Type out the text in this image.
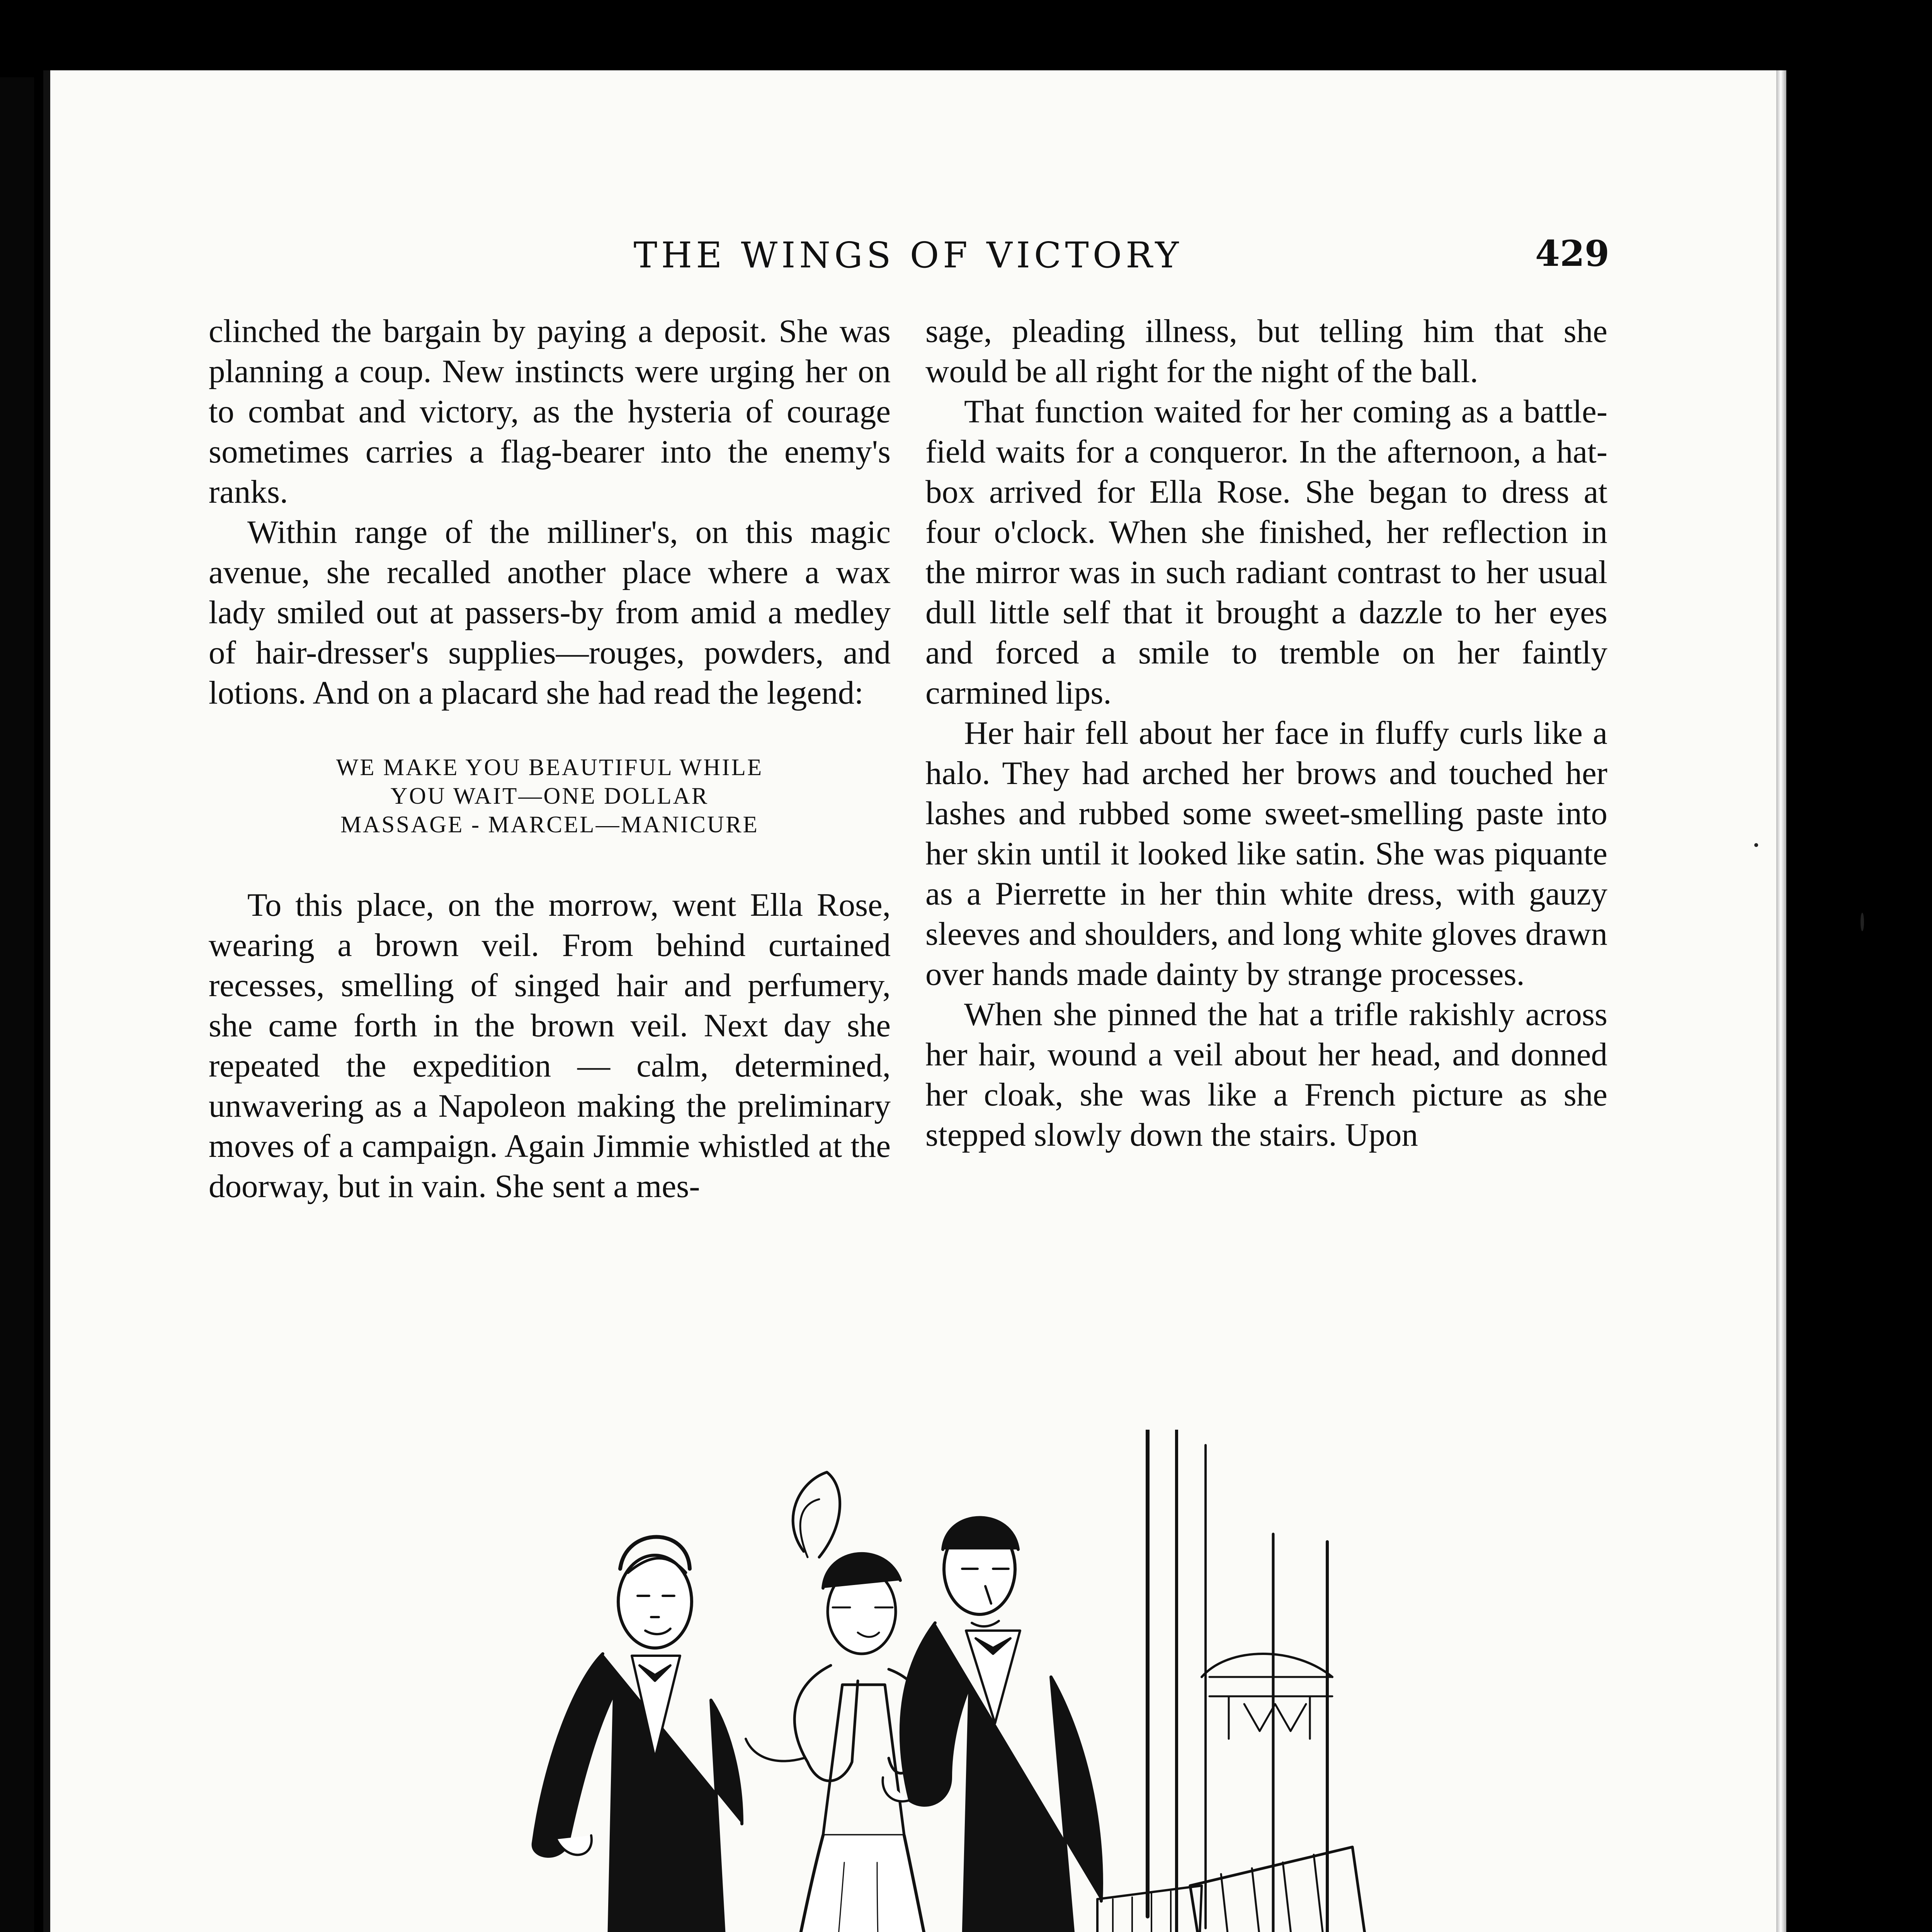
THE WINGS OF VICTORY	429

clinched the bargain by paying a deposit. She was planning a coup. New instincts were urging her on to combat and victory, as the hysteria of courage sometimes carries a flag-bearer into the enemy's ranks.

Within range of the milliner's, on this magic avenue, she recalled another place where a wax lady smiled out at passers-by from amid a medley of hair-dresser's supplies—rouges, powders, and lotions. And on a placard she had read the legend:

WE MAKE YOU BEAUTIFUL WHILE
YOU WAIT—ONE DOLLAR
MASSAGE - MARCEL—MANICURE

To this place, on the morrow, went Ella Rose, wearing a brown veil. From behind curtained recesses, smelling of singed hair and perfumery, she came forth in the brown veil. Next day she repeated the expedition — calm, determined, unwavering as a Napoleon making the preliminary moves of a campaign. Again Jimmie whistled at the doorway, but in vain. She sent a mes-

sage, pleading illness, but telling him that she would be all right for the night of the ball.

That function waited for her coming as a battle-field waits for a conqueror. In the afternoon, a hat-box arrived for Ella Rose. She began to dress at four o'clock. When she finished, her reflection in the mirror was in such radiant contrast to her usual dull little self that it brought a dazzle to her eyes and forced a smile to tremble on her faintly carmined lips.

Her hair fell about her face in fluffy curls like a halo. They had arched her brows and touched her lashes and rubbed some sweet-smelling paste into her skin until it looked like satin. She was piquante as a Pierrette in her thin white dress, with gauzy sleeves and shoulders, and long white gloves drawn over hands made dainty by strange processes.

When she pinned the hat a trifle rakishly across her hair, wound a veil about her head, and donned her cloak, she was like a French picture as she stepped slowly down the stairs. Upon
